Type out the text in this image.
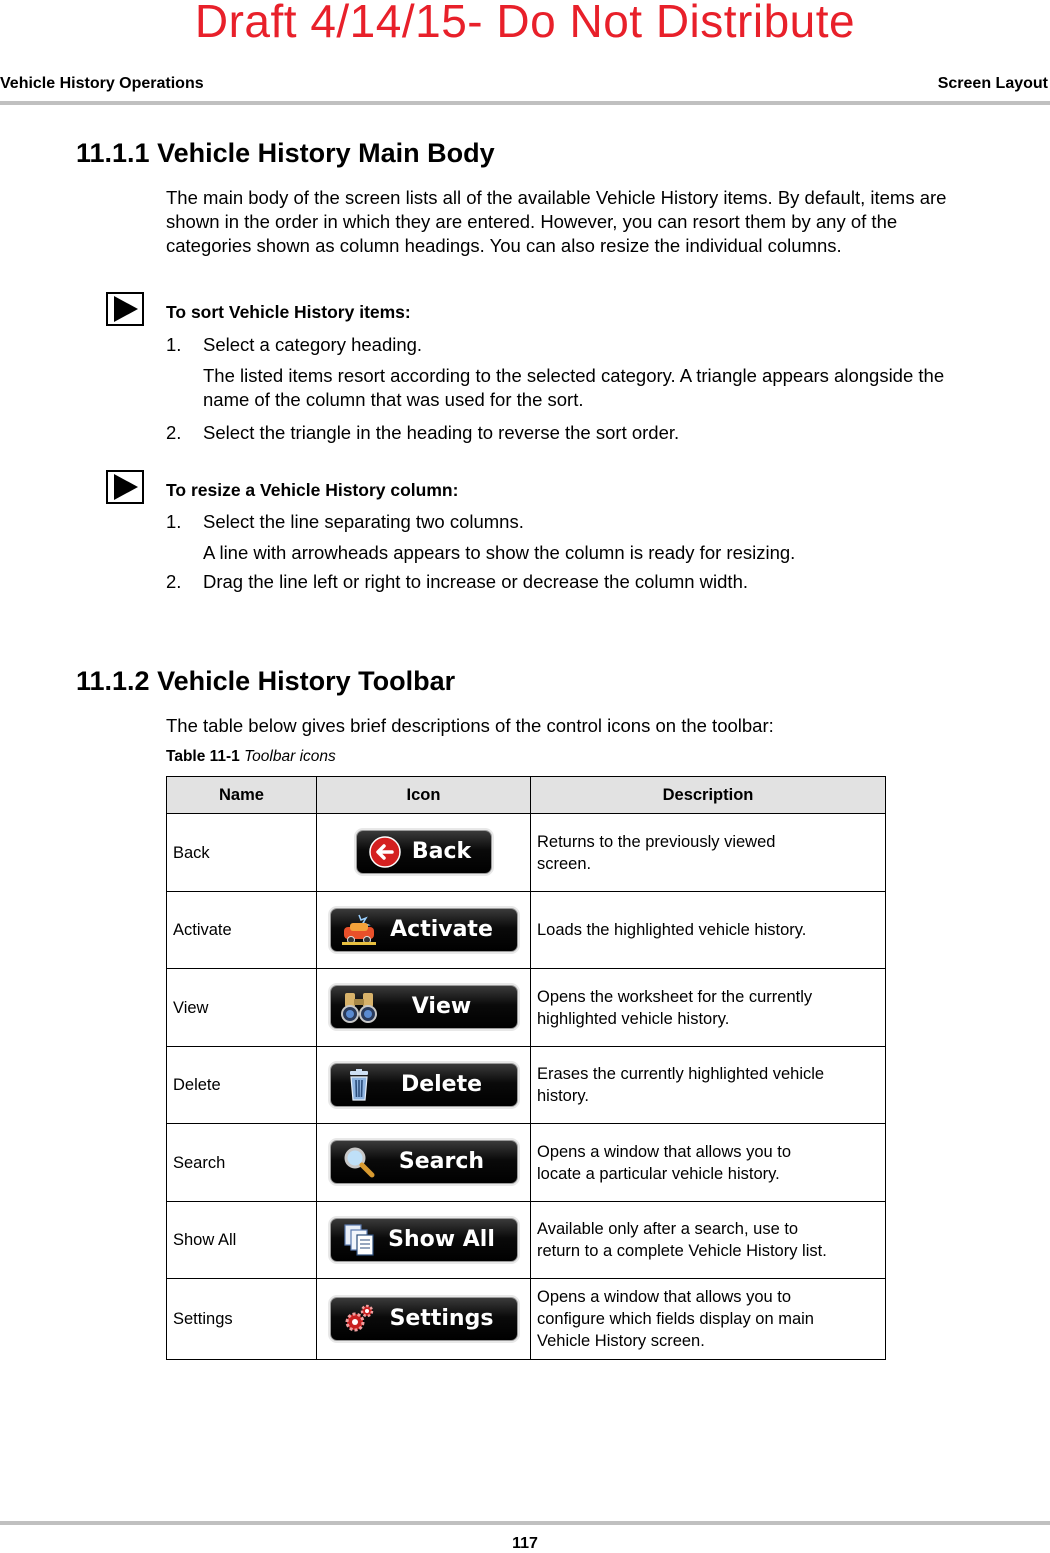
Draft 4/14/15- Do Not Distribute
Vehicle History Operations	Screen Layout
11.1.1 Vehicle History Main Body
The main body of the screen lists all of the available Vehicle History items. By default, items are
shown in the order in which they are entered. However, you can resort them by any of the
categories shown as column headings. You can also resize the individual columns.
To sort Vehicle History items:
1. Select a category heading.
The listed items resort according to the selected category. A triangle appears alongside the
name of the column that was used for the sort.
2. Select the triangle in the heading to reverse the sort order.
To resize a Vehicle History column:
1. Select the line separating two columns.
A line with arrowheads appears to show the column is ready for resizing.
2. Drag the line left or right to increase or decrease the column width.
11.1.2 Vehicle History Toolbar
The table below gives brief descriptions of the control icons on the toolbar:
Table 11-1 Toolbar icons
Name	Icon	Description
Back	Back	Returns to the previously viewed
screen.

Activate	Activate	Loads the highlighted vehicle history.

View	View	Opens the worksheet for the currently
highlighted vehicle history.

Delete	Delete	Erases the currently highlighted vehicle
history.

Search	Search	Opens a window that allows you to
locate a particular vehicle history.

Show All	Show All	Available only after a search, use to
return to a complete Vehicle History list.

Settings	Settings	Opens a window that allows you to
configure which fields display on main
Vehicle History screen.
117
